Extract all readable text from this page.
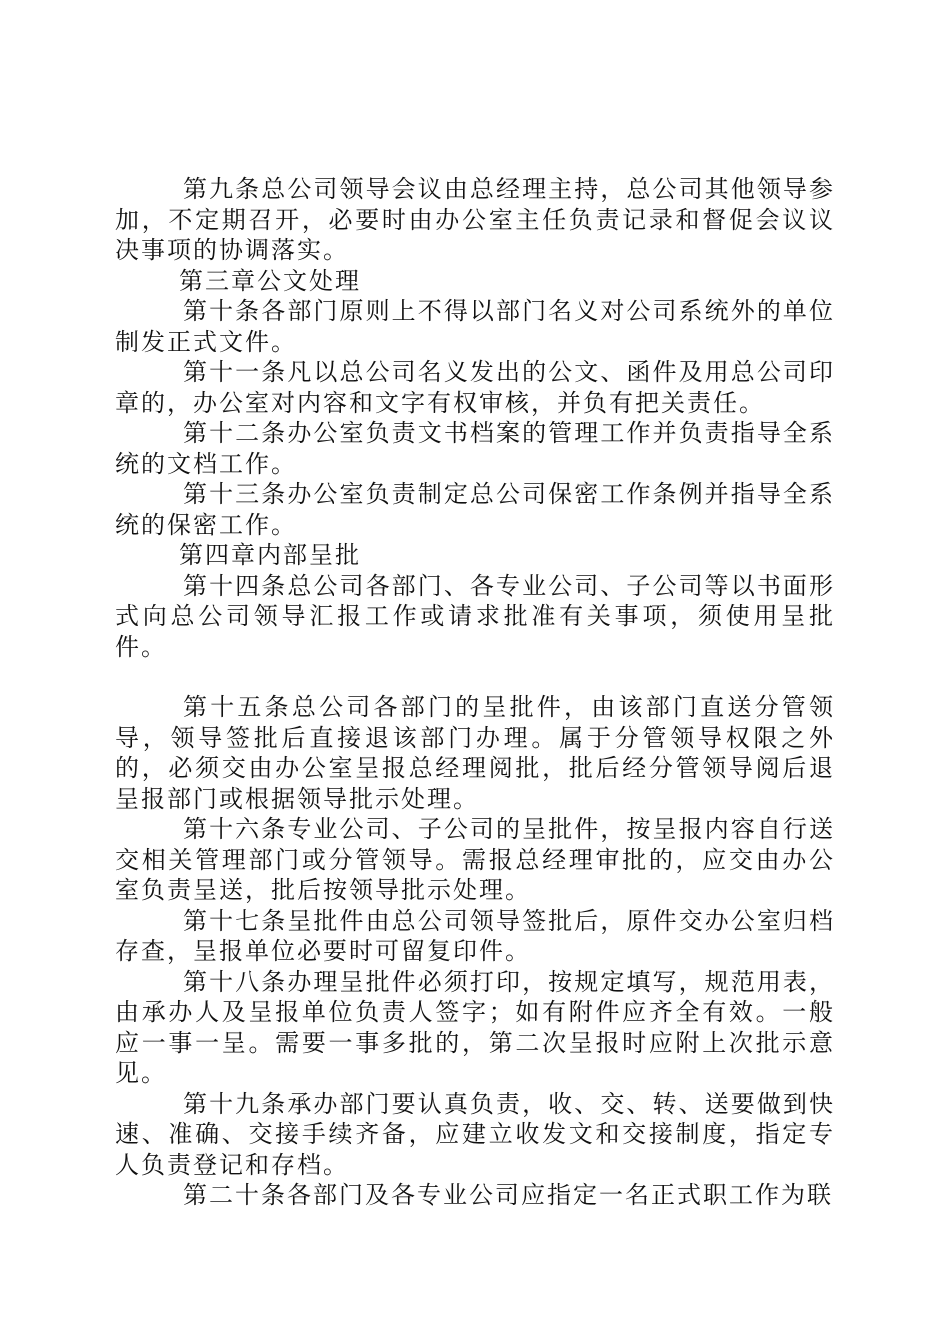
第九条总公司领导会议由总经理主持，总公司其他领导参加，不定期召开，必要时由办公室主任负责记录和督促会议议决事项的协调落实。

第三章公文处理

第十条各部门原则上不得以部门名义对公司系统外的单位制发正式文件。

第十一条凡以总公司名义发出的公文、函件及用总公司印章的，办公室对内容和文字有权审核，并负有把关责任。

第十二条办公室负责文书档案的管理工作并负责指导全系统的文档工作。

第十三条办公室负责制定总公司保密工作条例并指导全系统的保密工作。

第四章内部呈批

第十四条总公司各部门、各专业公司、子公司等以书面形式向总公司领导汇报工作或请求批准有关事项，须使用呈批件。

第十五条总公司各部门的呈批件，由该部门直送分管领导，领导签批后直接退该部门办理。属于分管领导权限之外的，必须交由办公室呈报总经理阅批，批后经分管领导阅后退呈报部门或根据领导批示处理。

第十六条专业公司、子公司的呈批件，按呈报内容自行送交相关管理部门或分管领导。需报总经理审批的，应交由办公室负责呈送，批后按领导批示处理。

第十七条呈批件由总公司领导签批后，原件交办公室归档存查，呈报单位必要时可留复印件。

第十八条办理呈批件必须打印，按规定填写，规范用表，由承办人及呈报单位负责人签字；如有附件应齐全有效。一般应一事一呈。需要一事多批的，第二次呈报时应附上次批示意见。

第十九条承办部门要认真负责，收、交、转、送要做到快速、准确、交接手续齐备，应建立收发文和交接制度，指定专人负责登记和存档。

第二十条各部门及各专业公司应指定一名正式职工作为联
